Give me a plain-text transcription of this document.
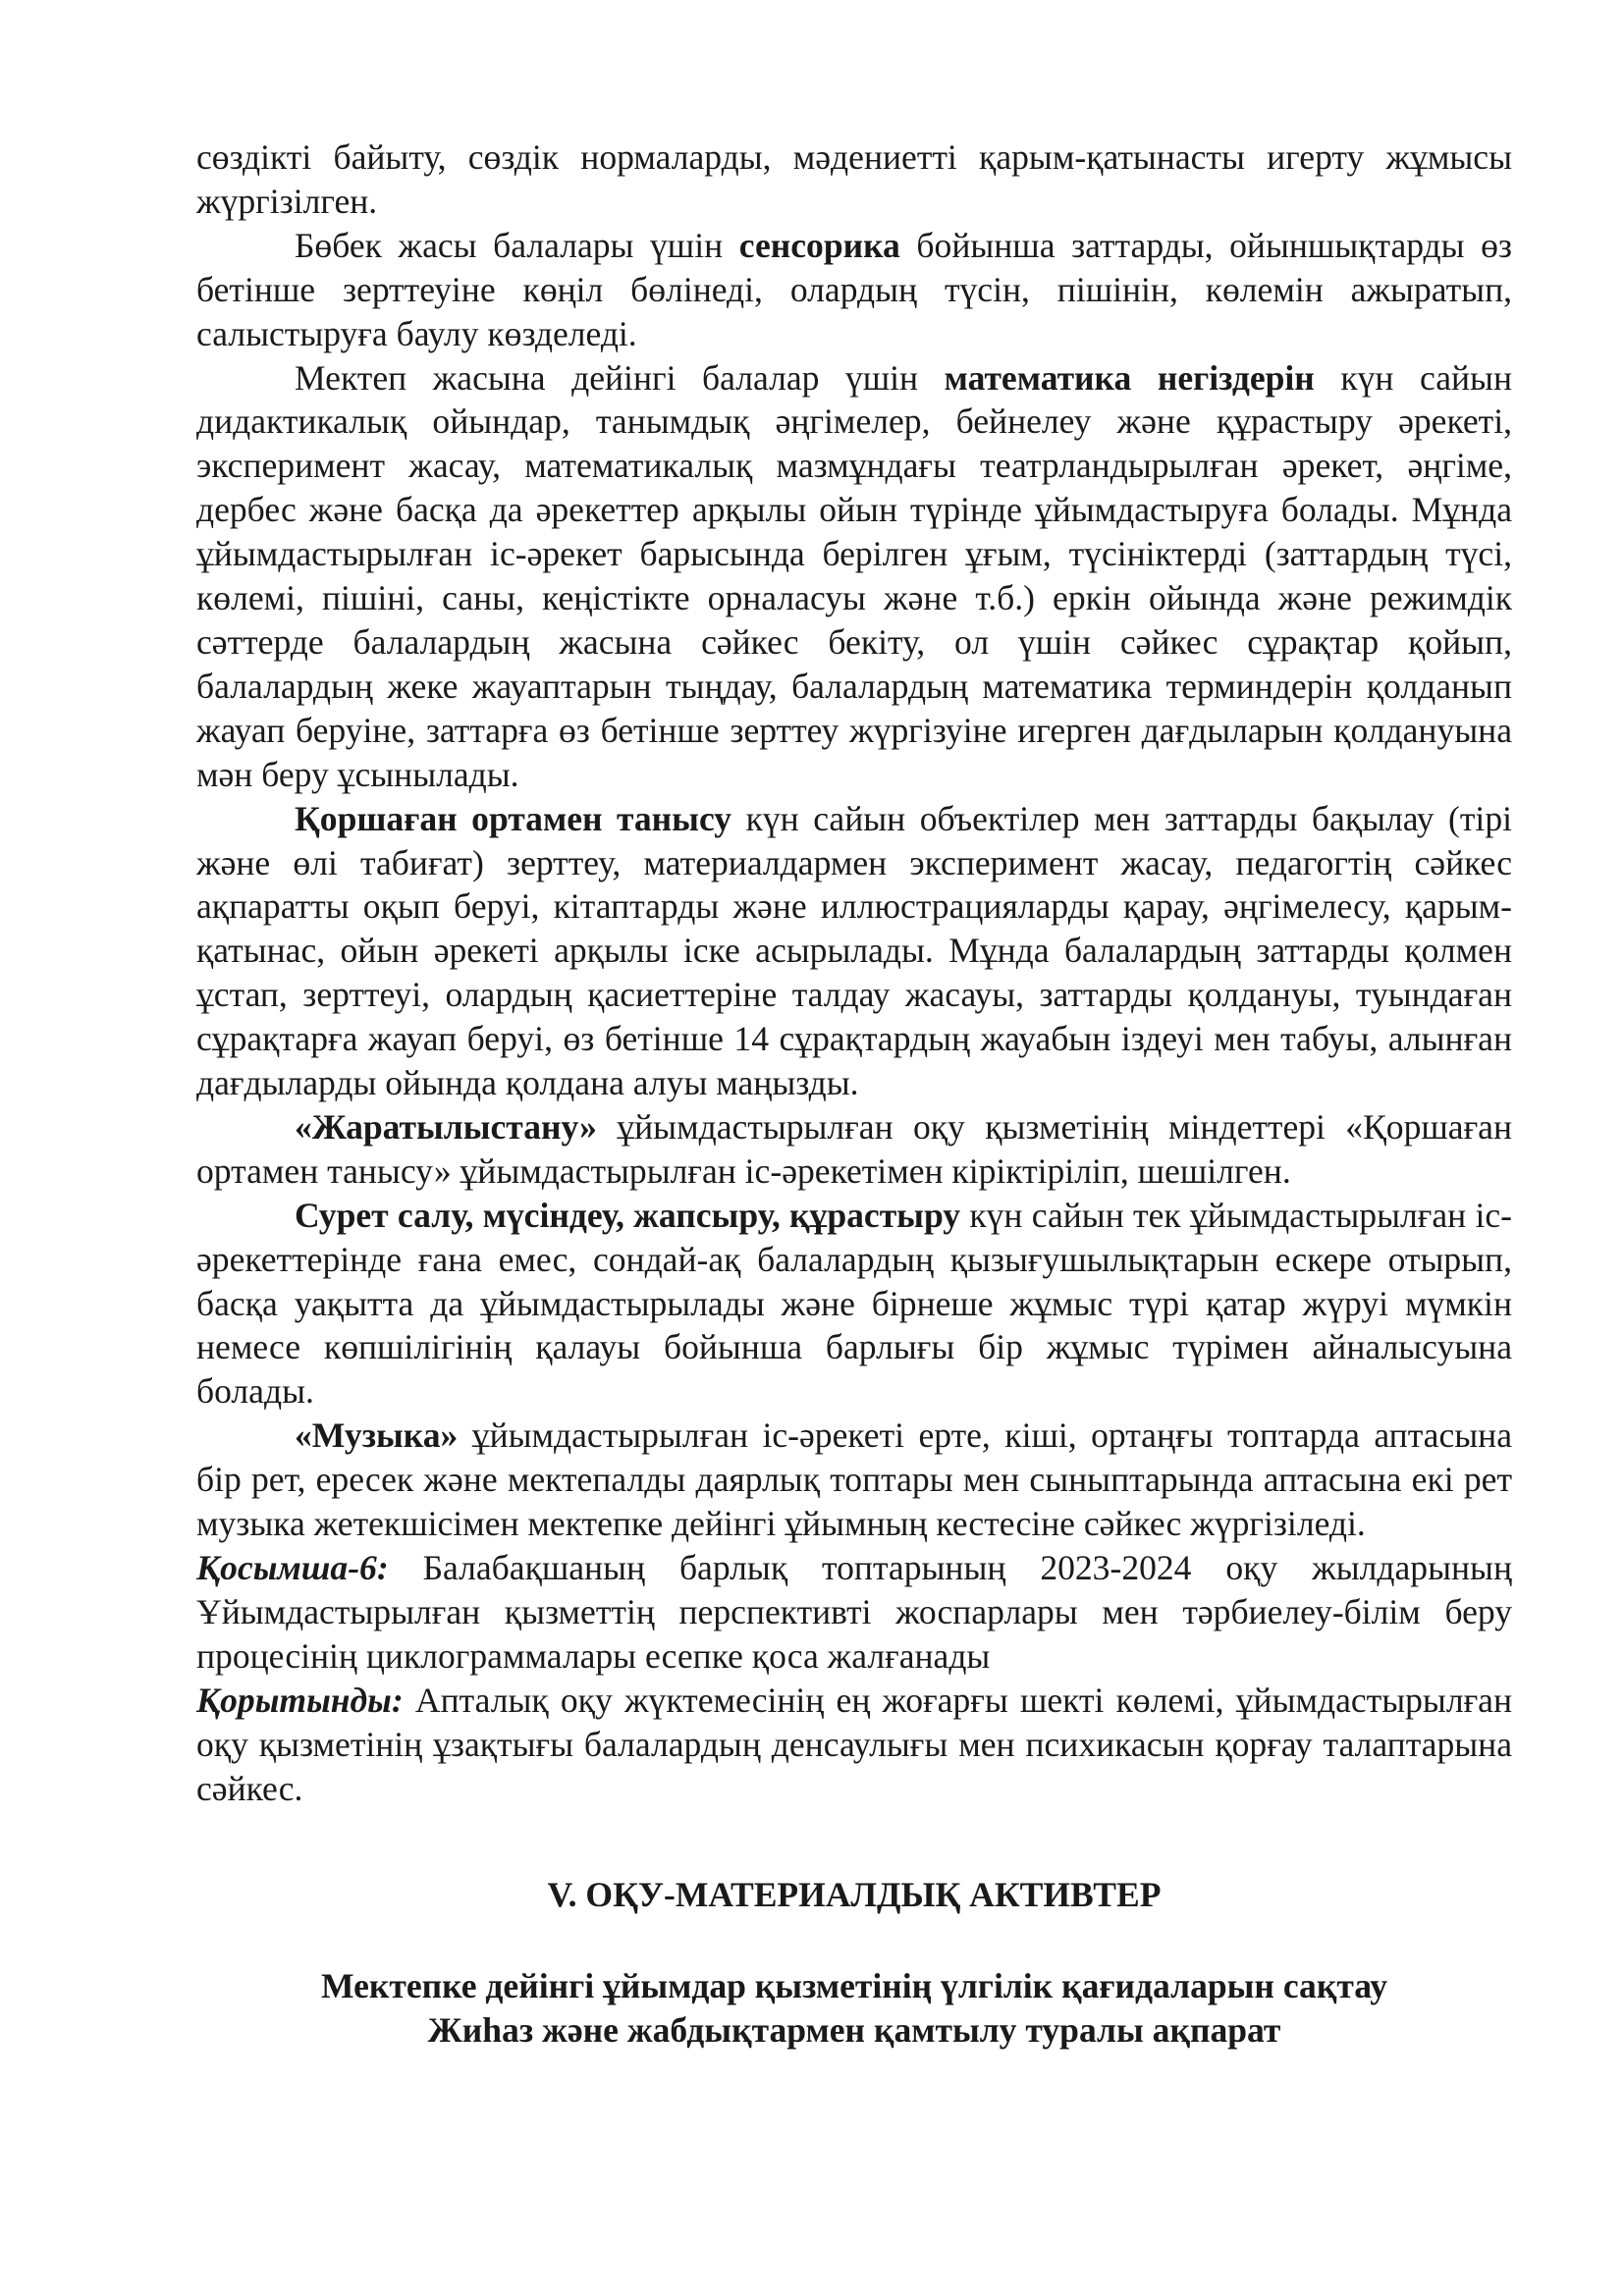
сөздікті байыту, сөздік нормаларды, мәдениетті қарым-қатынасты игерту жұмысы жүргізілген.

Бөбек жасы балалары үшін сенсорика бойынша заттарды, ойыншықтарды өз бетінше зерттеуіне көңіл бөлінеді, олардың түсін, пішінін, көлемін ажыратып, салыстыруға баулу көзделеді.

Мектеп жасына дейінгі балалар үшін математика негіздерін күн сайын дидактикалық ойындар, танымдық әңгімелер, бейнелеу және құрастыру әрекеті, эксперимент жасау, математикалық мазмұндағы театрландырылған әрекет, әңгіме, дербес және басқа да әрекеттер арқылы ойын түрінде ұйымдастыруға болады. Мұнда ұйымдастырылған іс-әрекет барысында берілген ұғым, түсініктерді (заттардың түсі, көлемі, пішіні, саны, кеңістікте орналасуы және т.б.) еркін ойында және режимдік сәттерде балалардың жасына сәйкес бекіту, ол үшін сәйкес сұрақтар қойып, балалардың жеке жауаптарын тыңдау, балалардың математика терминдерін қолданып жауап беруіне, заттарға өз бетінше зерттеу жүргізуіне игерген дағдыларын қолдануына мән беру ұсынылады.

Қоршаған ортамен танысу күн сайын объектілер мен заттарды бақылау (тірі және өлі табиғат) зерттеу, материалдармен эксперимент жасау, педагогтің сәйкес ақпаратты оқып беруі, кітаптарды және иллюстрацияларды қарау, әңгімелесу, қарым-қатынас, ойын әрекеті арқылы іске асырылады. Мұнда балалардың заттарды қолмен ұстап, зерттеуі, олардың қасиеттеріне талдау жасауы, заттарды қолдануы, туындаған сұрақтарға жауап беруі, өз бетінше 14 сұрақтардың жауабын іздеуі мен табуы, алынған дағдыларды ойында қолдана алуы маңызды.

«Жаратылыстану» ұйымдастырылған оқу қызметінің міндеттері «Қоршаған ортамен танысу» ұйымдастырылған іс-әрекетімен кіріктіріліп, шешілген.

Сурет салу, мүсіндеу, жапсыру, құрастыру күн сайын тек ұйымдастырылған іс-әрекеттерінде ғана емес, сондай-ақ балалардың қызығушылықтарын ескере отырып, басқа уақытта да ұйымдастырылады және бірнеше жұмыс түрі қатар жүруі мүмкін немесе көпшілігінің қалауы бойынша барлығы бір жұмыс түрімен айналысуына болады.

«Музыка» ұйымдастырылған іс-әрекеті ерте, кіші, ортаңғы топтарда аптасына бір рет, ересек және мектепалды даярлық топтары мен сыныптарында аптасына екі рет музыка жетекшісімен мектепке дейінгі ұйымның кестесіне сәйкес жүргізіледі.

Қосымша-6: Балабақшаның барлық топтарының 2023-2024 оқу жылдарының Ұйымдастырылған қызметтің перспективті жоспарлары мен тәрбиелеу-білім беру процесінің циклограммалары есепке қоса жалғанады

Қорытынды: Апталық оқу жүктемесінің ең жоғарғы шекті көлемі, ұйымдастырылған оқу қызметінің ұзақтығы балалардың денсаулығы мен психикасын қорғау талаптарына сәйкес.

V. ОҚУ-МАТЕРИАЛДЫҚ АКТИВТЕР
Мектепке дейінгі ұйымдар қызметінің үлгілік қағидаларын сақтау
Жиһаз және жабдықтармен қамтылу туралы ақпарат
